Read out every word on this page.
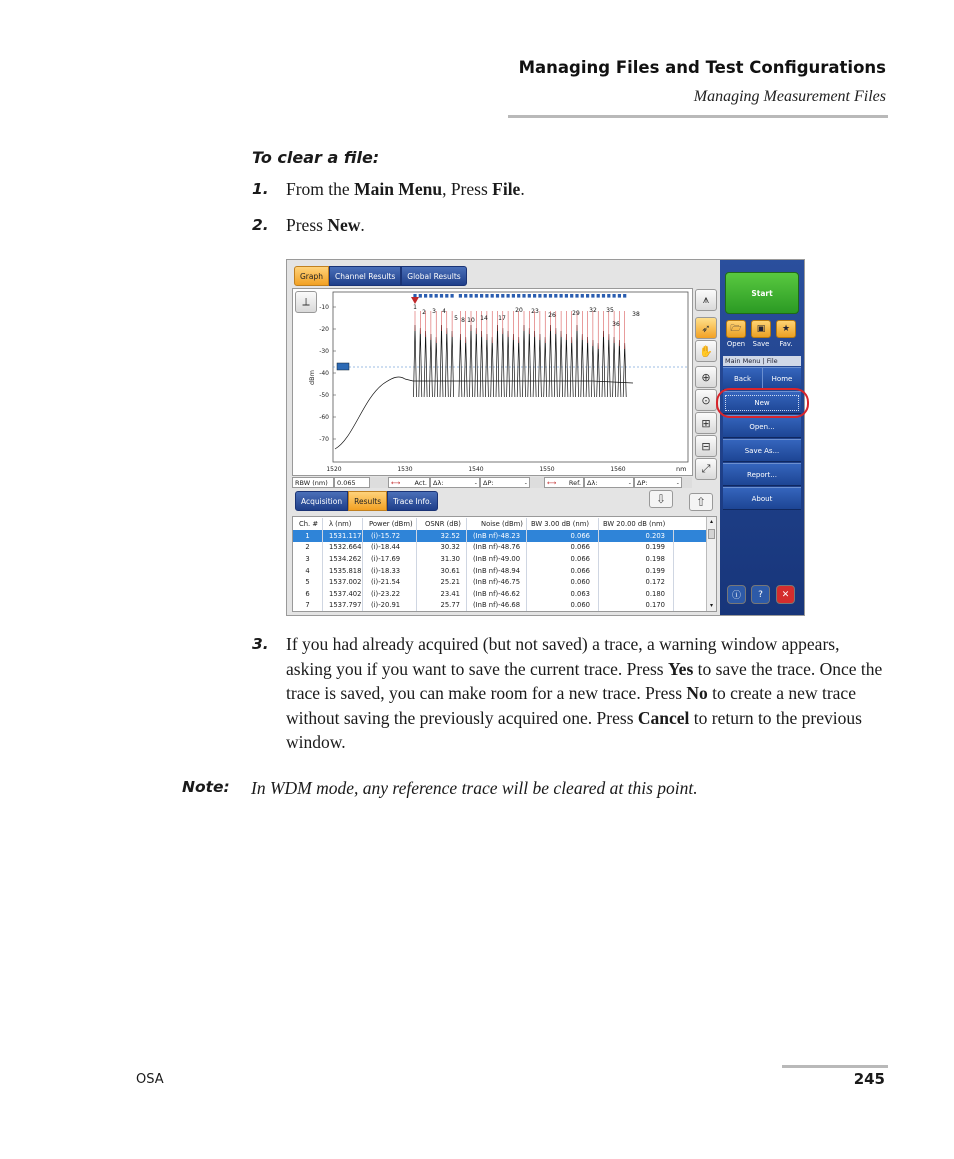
Managing Files and Test Configurations
Managing Measurement Files
To clear a file:
1. From the Main Menu, Press File.
2. Press New.
Graph	Channel Results	Global Results
⟂	-10
-20
-30
-40
-50
-60
-70
1520	1530	1540	1550	1560
1
2 3 4
5 8 10 14 17
20 23
26	29 32 35
36
38
dBm
nm
⩚
➶
✋
⊕
⊙
⊞
⊟
⤢
RBW (nm)	0.065	⟷ Act. Δλ:	- ΔP:	-	⟷ Ref. Δλ:	- ΔP:	-
Acquisition	Results	Trace Info.	⇩	⇧
Ch. #	λ (nm)	Power (dBm)	OSNR (dB)	Noise (dBm)	BW 3.00 dB (nm)	BW 20.00 dB (nm)
1	1531.117	(i)-15.72	32.52	(InB nf)-48.23	0.066	0.203
2	1532.664	(i)-18.44	30.32	(InB nf)-48.76	0.066	0.199
3	1534.262	(i)-17.69	31.30	(InB nf)-49.00	0.066	0.198
4	1535.818	(i)-18.33	30.61	(InB nf)-48.94	0.066	0.199
5	1537.002	(i)-21.54	25.21	(InB nf)-46.75	0.060	0.172
6	1537.402	(i)-23.22	23.41	(InB nf)-46.62	0.063	0.180
7	1537.797	(i)-20.91	25.77	(InB nf)-46.68	0.060	0.170
▴
▾
Start
🗁	▣	★
Open	Save	Fav.
Main Menu | File
Back	Home
New
Open...
Save As...
Report...
About
ⓘ	?	✕
3. If you had already acquired (but not saved) a trace, a warning window appears, asking you if you want to save the current trace. Press Yes to save the trace. Once the trace is saved, you can make room for a new trace. Press No to create a new trace without saving the previously acquired one. Press Cancel to return to the previous window.
Note: In WDM mode, any reference trace will be cleared at this point.
OSA	245
